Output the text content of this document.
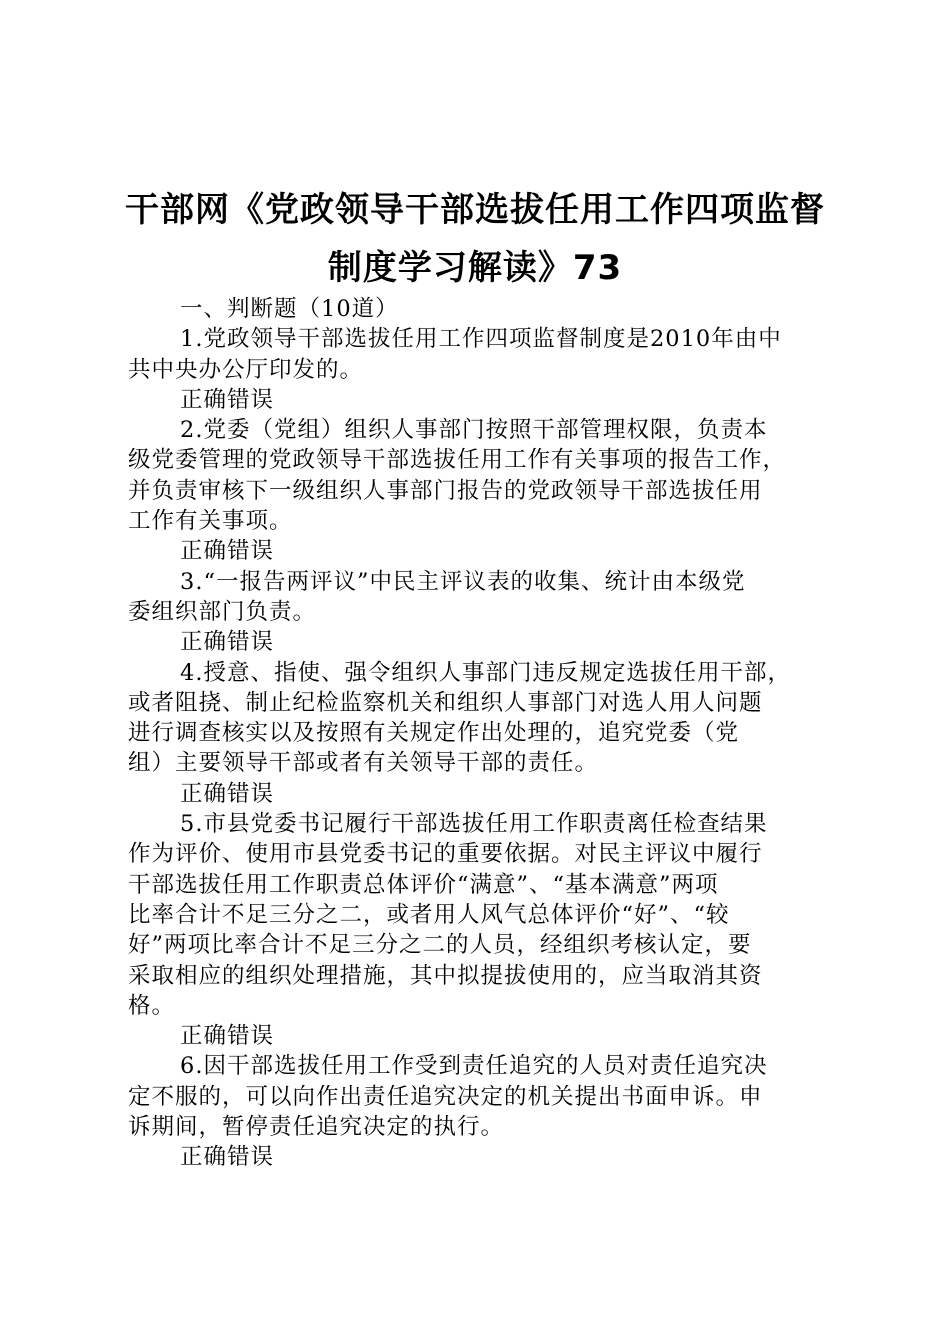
干部网《党政领导干部选拔任用工作四项监督
制度学习解读》73
一、判断题（10道）
1.党政领导干部选拔任用工作四项监督制度是2010年由中
共中央办公厅印发的。
正确错误
2.党委（党组）组织人事部门按照干部管理权限，负责本
级党委管理的党政领导干部选拔任用工作有关事项的报告工作，
并负责审核下一级组织人事部门报告的党政领导干部选拔任用
工作有关事项。
正确错误
3.“一报告两评议”中民主评议表的收集、统计由本级党
委组织部门负责。
正确错误
4.授意、指使、强令组织人事部门违反规定选拔任用干部，
或者阻挠、制止纪检监察机关和组织人事部门对选人用人问题
进行调查核实以及按照有关规定作出处理的，追究党委（党
组）主要领导干部或者有关领导干部的责任。
正确错误
5.市县党委书记履行干部选拔任用工作职责离任检查结果
作为评价、使用市县党委书记的重要依据。对民主评议中履行
干部选拔任用工作职责总体评价“满意”、“基本满意”两项
比率合计不足三分之二，或者用人风气总体评价“好”、“较
好”两项比率合计不足三分之二的人员，经组织考核认定，要
采取相应的组织处理措施，其中拟提拔使用的，应当取消其资
格。
正确错误
6.因干部选拔任用工作受到责任追究的人员对责任追究决
定不服的，可以向作出责任追究决定的机关提出书面申诉。申
诉期间，暂停责任追究决定的执行。
正确错误
